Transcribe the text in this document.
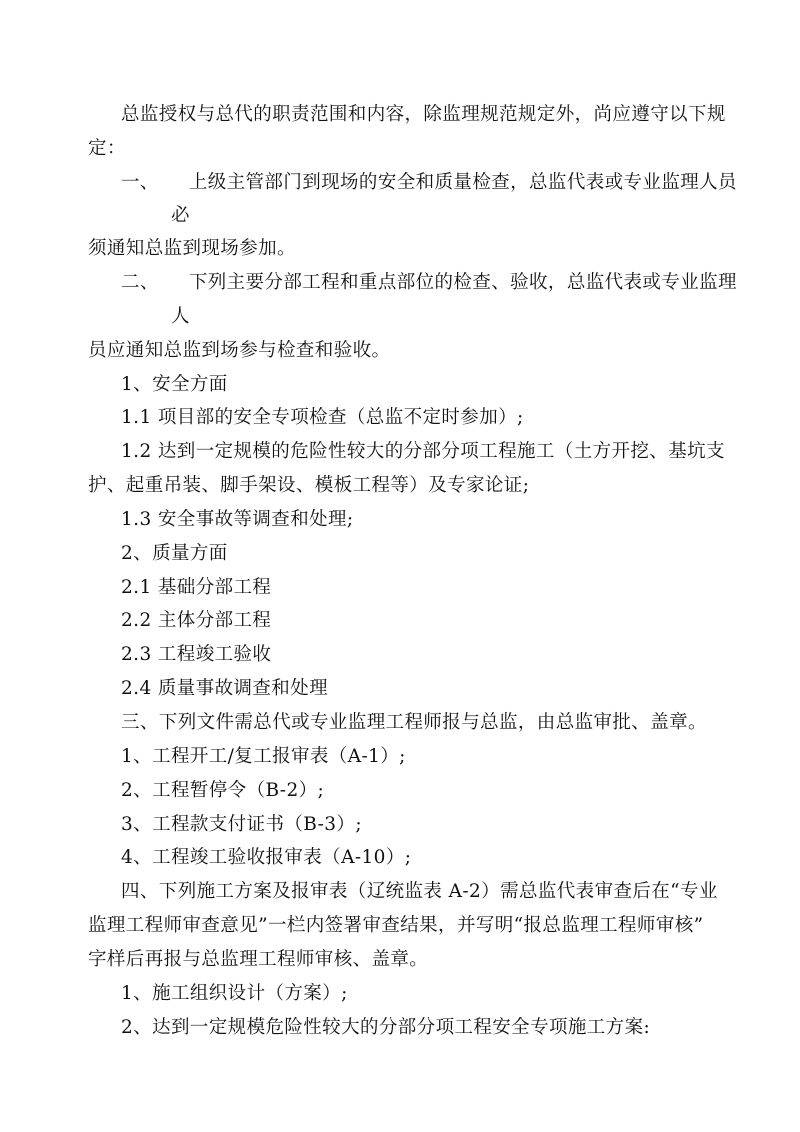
总监授权与总代的职责范围和内容，除监理规范规定外，尚应遵守以下规
定：
一、 上级主管部门到现场的安全和质量检查，总监代表或专业监理人员
必
须通知总监到现场参加。
二、 下列主要分部工程和重点部位的检查、验收，总监代表或专业监理
人
员应通知总监到场参与检查和验收。
1、安全方面
1.1 项目部的安全专项检查（总监不定时参加）;
1.2 达到一定规模的危险性较大的分部分项工程施工（土方开挖、基坑支
护、起重吊装、脚手架设、模板工程等）及专家论证;
1.3 安全事故等调查和处理;
2、质量方面
2.1 基础分部工程
2.2 主体分部工程
2.3 工程竣工验收
2.4 质量事故调查和处理
三、下列文件需总代或专业监理工程师报与总监，由总监审批、盖章。
1、工程开工/复工报审表（A-1）;
2、工程暂停令（B-2）;
3、工程款支付证书（B-3）;
4、工程竣工验收报审表（A-10）;
四、下列施工方案及报审表（辽统监表 A-2）需总监代表审查后在“专业
监理工程师审查意见”一栏内签署审查结果，并写明“报总监理工程师审核”
字样后再报与总监理工程师审核、盖章。
1、施工组织设计（方案）;
2、达到一定规模危险性较大的分部分项工程安全专项施工方案:
